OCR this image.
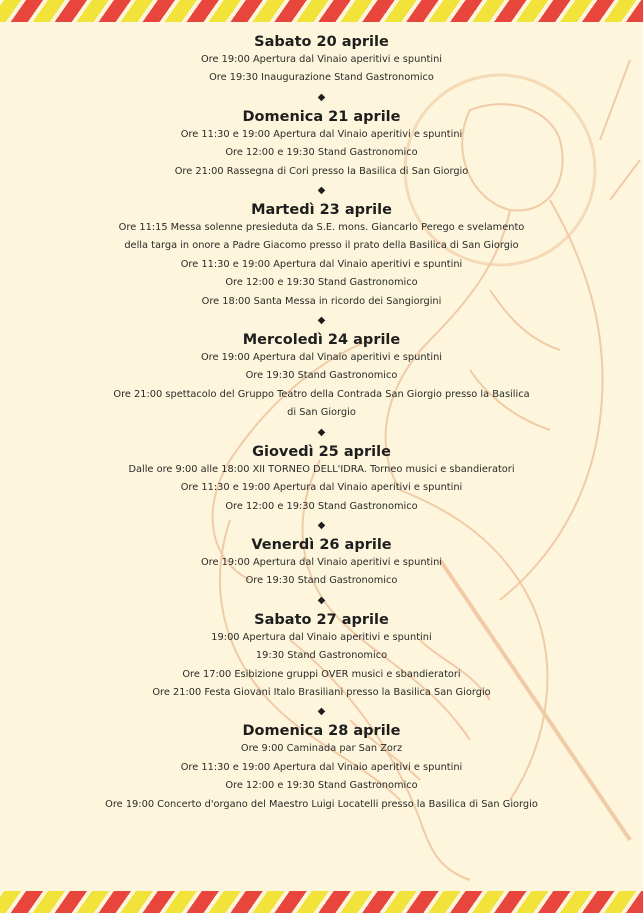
Sabato 20 aprile
Ore 19:00 Apertura dal Vinaio aperitivi e spuntini
Ore 19:30 Inaugurazione Stand Gastronomico
◆
Domenica 21 aprile
Ore 11:30 e 19:00 Apertura dal Vinaio aperitivi e spuntini
Ore 12:00 e 19:30 Stand Gastronomico
Ore 21:00 Rassegna di Cori presso la Basilica di San Giorgio
◆
Martedì 23 aprile
Ore 11:15 Messa solenne presieduta da S.E. mons. Giancarlo Perego e svelamento
della targa in onore a Padre Giacomo presso il prato della Basilica di San Giorgio
Ore 11:30 e 19:00 Apertura dal Vinaio aperitivi e spuntini
Ore 12:00 e 19:30 Stand Gastronomico
Ore 18:00 Santa Messa in ricordo dei Sangiorgini
◆
Mercoledì 24 aprile
Ore 19:00 Apertura dal Vinaio aperitivi e spuntini
Ore 19:30 Stand Gastronomico
Ore 21:00 spettacolo del Gruppo Teatro della Contrada San Giorgio presso la Basilica
di San Giorgio
◆
Giovedì 25 aprile
Dalle ore 9:00 alle 18:00 XII TORNEO DELL'IDRA. Torneo musici e sbandieratori
Ore 11:30 e 19:00 Apertura dal Vinaio aperitivi e spuntini
Ore 12:00 e 19:30 Stand Gastronomico
◆
Venerdì 26 aprile
Ore 19:00 Apertura dal Vinaio aperitivi e spuntini
Ore 19:30 Stand Gastronomico
◆
Sabato 27 aprile
19:00 Apertura dal Vinaio aperitivi e spuntini
19:30 Stand Gastronomico
Ore 17:00 Esibizione gruppi OVER musici e sbandieratori
Ore 21:00 Festa Giovani Italo Brasiliani presso la Basilica San Giorgio
◆
Domenica 28 aprile
Ore 9:00 Caminada par San Zorz
Ore 11:30 e 19:00 Apertura dal Vinaio aperitivi e spuntini
Ore 12:00 e 19:30 Stand Gastronomico
Ore 19:00 Concerto d'organo del Maestro Luigi Locatelli presso la Basilica di San Giorgio
